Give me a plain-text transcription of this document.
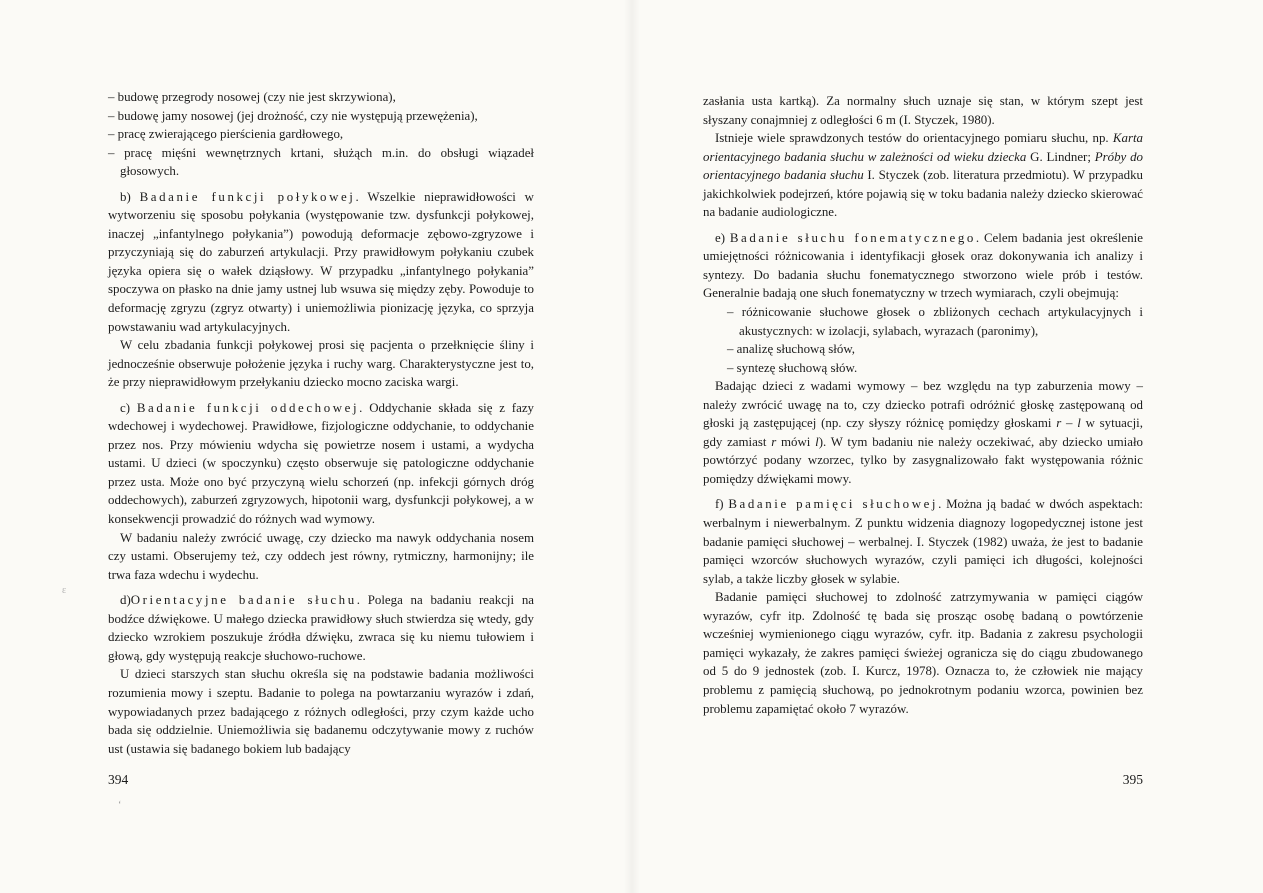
ɛ
ʻ

– budowę przegrody nosowej (czy nie jest skrzywiona),

– budowę jamy nosowej (jej drożność, czy nie występują przewężenia),

– pracę zwierającego pierścienia gardłowego,

– pracę mięśni wewnętrznych krtani, służąch m.in. do obsługi wiązadeł głosowych.

b) Badanie funkcji połykowej. Wszelkie nieprawidłowości w wytworzeniu się sposobu połykania (występowanie tzw. dysfunkcji połykowej, inaczej „infantylnego połykania”) powodują deformacje zębowo-zgryzowe i przyczyniają się do zaburzeń artykulacji. Przy prawidłowym połykaniu czubek języka opiera się o wałek dziąsłowy. W przypadku „infantylnego połykania” spoczywa on płasko na dnie jamy ustnej lub wsuwa się między zęby. Powoduje to deformację zgryzu (zgryz otwarty) i uniemożliwia pionizację języka, co sprzyja powstawaniu wad artykulacyjnych.

W celu zbadania funkcji połykowej prosi się pacjenta o przełknięcie śliny i jednocześnie obserwuje położenie języka i ruchy warg. Charakterystyczne jest to, że przy nieprawidłowym przełykaniu dziecko mocno zaciska wargi.

c) Badanie funkcji oddechowej. Oddychanie składa się z fazy wdechowej i wydechowej. Prawidłowe, fizjologiczne oddychanie, to oddychanie przez nos. Przy mówieniu wdycha się powietrze nosem i ustami, a wydycha ustami. U dzieci (w spoczynku) często obserwuje się patologiczne oddychanie przez usta. Może ono być przyczyną wielu schorzeń (np. infekcji górnych dróg oddechowych), zaburzeń zgryzowych, hipotonii warg, dysfunkcji połykowej, a w konsekwencji prowadzić do różnych wad wymowy.

W badaniu należy zwrócić uwagę, czy dziecko ma nawyk oddychania nosem czy ustami. Obserujemy też, czy oddech jest równy, rytmiczny, harmonijny; ile trwa faza wdechu i wydechu.

d)Orientacyjne badanie słuchu. Polega na badaniu reakcji na bodźce dźwiękowe. U małego dziecka prawidłowy słuch stwierdza się wtedy, gdy dziecko wzrokiem poszukuje źródła dźwięku, zwraca się ku niemu tułowiem i głową, gdy występują reakcje słuchowo-ruchowe.

U dzieci starszych stan słuchu określa się na podstawie badania możliwości rozumienia mowy i szeptu. Badanie to polega na powtarzaniu wyrazów i zdań, wypowiadanych przez badającego z różnych odległości, przy czym każde ucho bada się oddzielnie. Uniemożliwia się badanemu odczytywanie mowy z ruchów ust (ustawia się badanego bokiem lub badający

394

zasłania usta kartką). Za normalny słuch uznaje się stan, w którym szept jest słyszany conajmniej z odległości 6 m (I. Styczek, 1980).

Istnieje wiele sprawdzonych testów do orientacyjnego pomiaru słuchu, np. Karta orientacyjnego badania słuchu w zależności od wieku dziecka G. Lindner; Próby do orientacyjnego badania słuchu I. Styczek (zob. literatura przedmiotu). W przypadku jakichkolwiek podejrzeń, które pojawią się w toku badania należy dziecko skierować na badanie audiologiczne.

e) Badanie słuchu fonematycznego. Celem badania jest określenie umiejętności różnicowania i identyfikacji głosek oraz dokonywania ich analizy i syntezy. Do badania słuchu fonematycznego stworzono wiele prób i testów. Generalnie badają one słuch fonematyczny w trzech wymiarach, czyli obejmują:

– różnicowanie słuchowe głosek o zbliżonych cechach artykulacyjnych i akustycznych: w izolacji, sylabach, wyrazach (paronimy),

– analizę słuchową słów,

– syntezę słuchową słów.

Badając dzieci z wadami wymowy – bez względu na typ zaburzenia mowy – należy zwrócić uwagę na to, czy dziecko potrafi odróżnić głoskę zastępowaną od głoski ją zastępującej (np. czy słyszy różnicę pomiędzy głoskami r – l w sytuacji, gdy zamiast r mówi l). W tym badaniu nie należy oczekiwać, aby dziecko umiało powtórzyć podany wzorzec, tylko by zasygnalizowało fakt występowania różnic pomiędzy dźwiękami mowy.

f) Badanie pamięci słuchowej. Można ją badać w dwóch aspektach: werbalnym i niewerbalnym. Z punktu widzenia diagnozy logopedycznej istone jest badanie pamięci słuchowej – werbalnej. I. Styczek (1982) uważa, że jest to badanie pamięci wzorców słuchowych wyrazów, czyli pamięci ich długości, kolejności sylab, a także liczby głosek w sylabie.

Badanie pamięci słuchowej to zdolność zatrzymywania w pamięci ciągów wyrazów, cyfr itp. Zdolność tę bada się prosząc osobę badaną o powtórzenie wcześniej wymienionego ciągu wyrazów, cyfr. itp. Badania z zakresu psychologii pamięci wykazały, że zakres pamięci świeżej ogranicza się do ciągu zbudowanego od 5 do 9 jednostek (zob. I. Kurcz, 1978). Oznacza to, że człowiek nie mający problemu z pamięcią słuchową, po jednokrotnym podaniu wzorca, powinien bez problemu zapamiętać około 7 wyrazów.

395
